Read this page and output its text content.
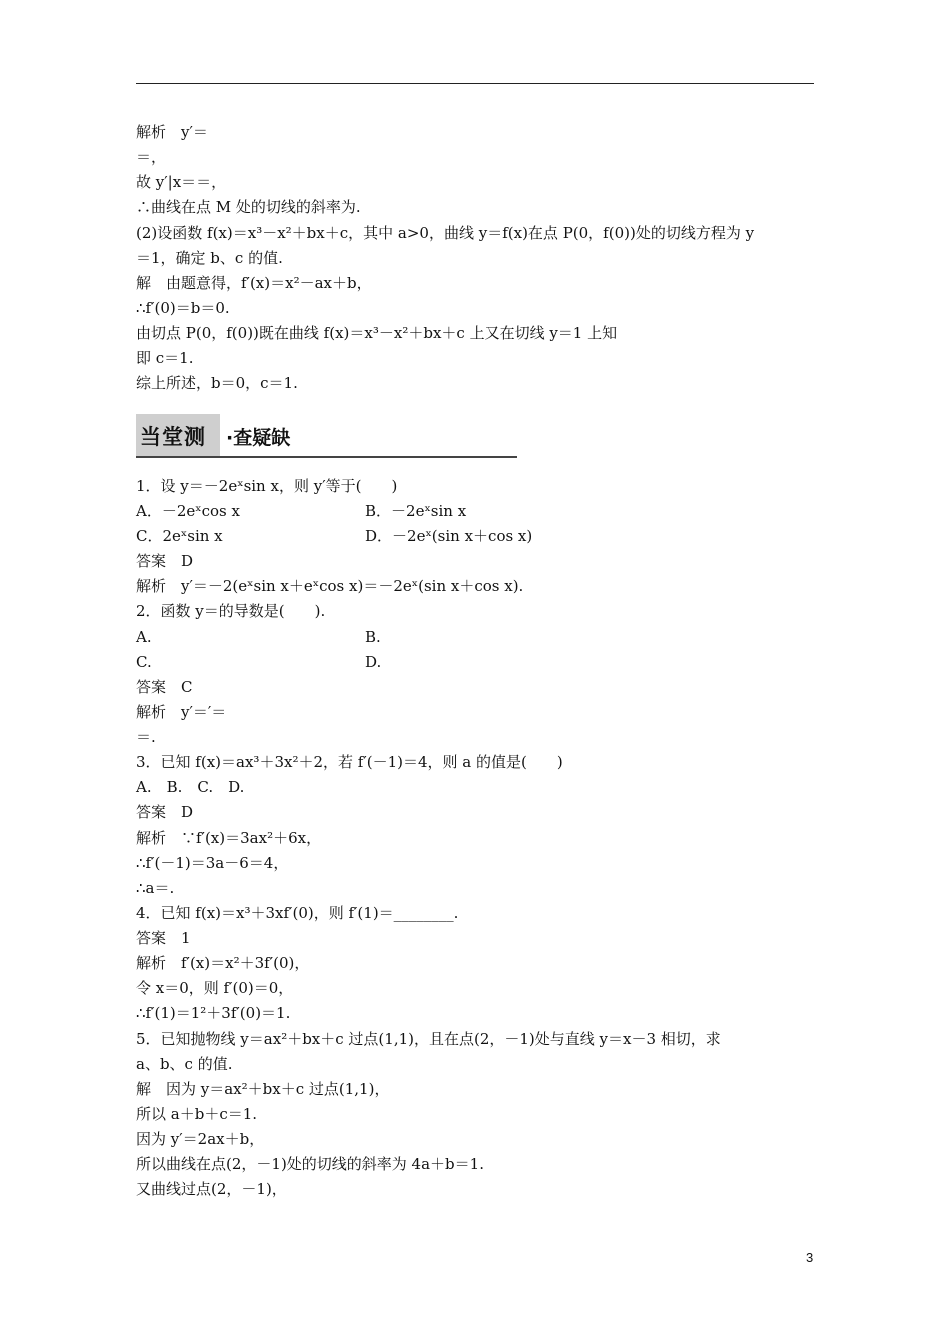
解析　y′＝
＝，
故 y′|x＝＝，
∴曲线在点 M 处的切线的斜率为.
(2)设函数 f(x)＝x³－x²＋bx＋c，其中 a>0，曲线 y＝f(x)在点 P(0，f(0))处的切线方程为 y
＝1，确定 b、c 的值.
解　由题意得，f′(x)＝x²－ax＋b，
∴f′(0)＝b＝0.
由切点 P(0，f(0))既在曲线 f(x)＝x³－x²＋bx＋c 上又在切线 y＝1 上知
即 c＝1.
综上所述，b＝0，c＝1.
当堂测 ·查疑缺
1．设 y＝－2eˣsin x，则 y′等于(　　)
A．－2eˣcos x	B．－2eˣsin x
C．2eˣsin x	D．－2eˣ(sin x＋cos x)
答案　D
解析　y′＝－2(eˣsin x＋eˣcos x)＝－2eˣ(sin x＋cos x).
2．函数 y＝的导数是(　　).
A.	B.
C.	D.
答案　C
解析　y′＝′＝
＝.
3．已知 f(x)＝ax³＋3x²＋2，若 f′(－1)＝4，则 a 的值是(　　)
A.　B.　C.　D.
答案　D
解析　∵f′(x)＝3ax²＋6x，
∴f′(－1)＝3a－6＝4，
∴a＝.
4．已知 f(x)＝x³＋3xf′(0)，则 f′(1)＝________.
答案　1
解析　f′(x)＝x²＋3f′(0)，
令 x＝0，则 f′(0)＝0，
∴f′(1)＝1²＋3f′(0)＝1.
5．已知抛物线 y＝ax²＋bx＋c 过点(1,1)，且在点(2，－1)处与直线 y＝x－3 相切，求
a、b、c 的值.
解　因为 y＝ax²＋bx＋c 过点(1,1)，
所以 a＋b＋c＝1.
因为 y′＝2ax＋b，
所以曲线在点(2，－1)处的切线的斜率为 4a＋b＝1.
又曲线过点(2，－1)，
3
